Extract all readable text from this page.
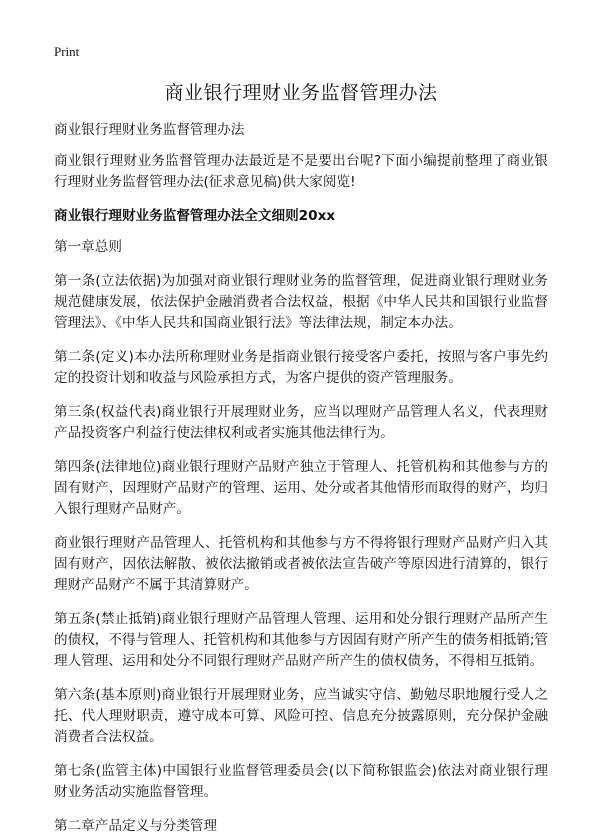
Print
商业银行理财业务监督管理办法

商业银行理财业务监督管理办法

商业银行理财业务监督管理办法最近是不是要出台呢?下面小编提前整理了商业银行理财业务监督管理办法(征求意见稿)供大家阅览!

商业银行理财业务监督管理办法全文细则20xx

第一章总则

第一条(立法依据)为加强对商业银行理财业务的监督管理，促进商业银行理财业务规范健康发展，依法保护金融消费者合法权益，根据《中华人民共和国银行业监督管理法》、《中华人民共和国商业银行法》等法律法规，制定本办法。

第二条(定义)本办法所称理财业务是指商业银行接受客户委托，按照与客户事先约定的投资计划和收益与风险承担方式，为客户提供的资产管理服务。

第三条(权益代表)商业银行开展理财业务，应当以理财产品管理人名义，代表理财产品投资客户利益行使法律权利或者实施其他法律行为。

第四条(法律地位)商业银行理财产品财产独立于管理人、托管机构和其他参与方的固有财产，因理财产品财产的管理、运用、处分或者其他情形而取得的财产，均归入银行理财产品财产。

商业银行理财产品管理人、托管机构和其他参与方不得将银行理财产品财产归入其固有财产，因依法解散、被依法撤销或者被依法宣告破产等原因进行清算的，银行理财产品财产不属于其清算财产。

第五条(禁止抵销)商业银行理财产品管理人管理、运用和处分银行理财产品所产生的债权，不得与管理人、托管机构和其他参与方因固有财产所产生的债务相抵销;管理人管理、运用和处分不同银行理财产品财产所产生的债权债务，不得相互抵销。

第六条(基本原则)商业银行开展理财业务，应当诚实守信、勤勉尽职地履行受人之托、代人理财职责，遵守成本可算、风险可控、信息充分披露原则，充分保护金融消费者合法权益。

第七条(监管主体)中国银行业监督管理委员会(以下简称银监会)依法对商业银行理财业务活动实施监督管理。

第二章产品定义与分类管理
